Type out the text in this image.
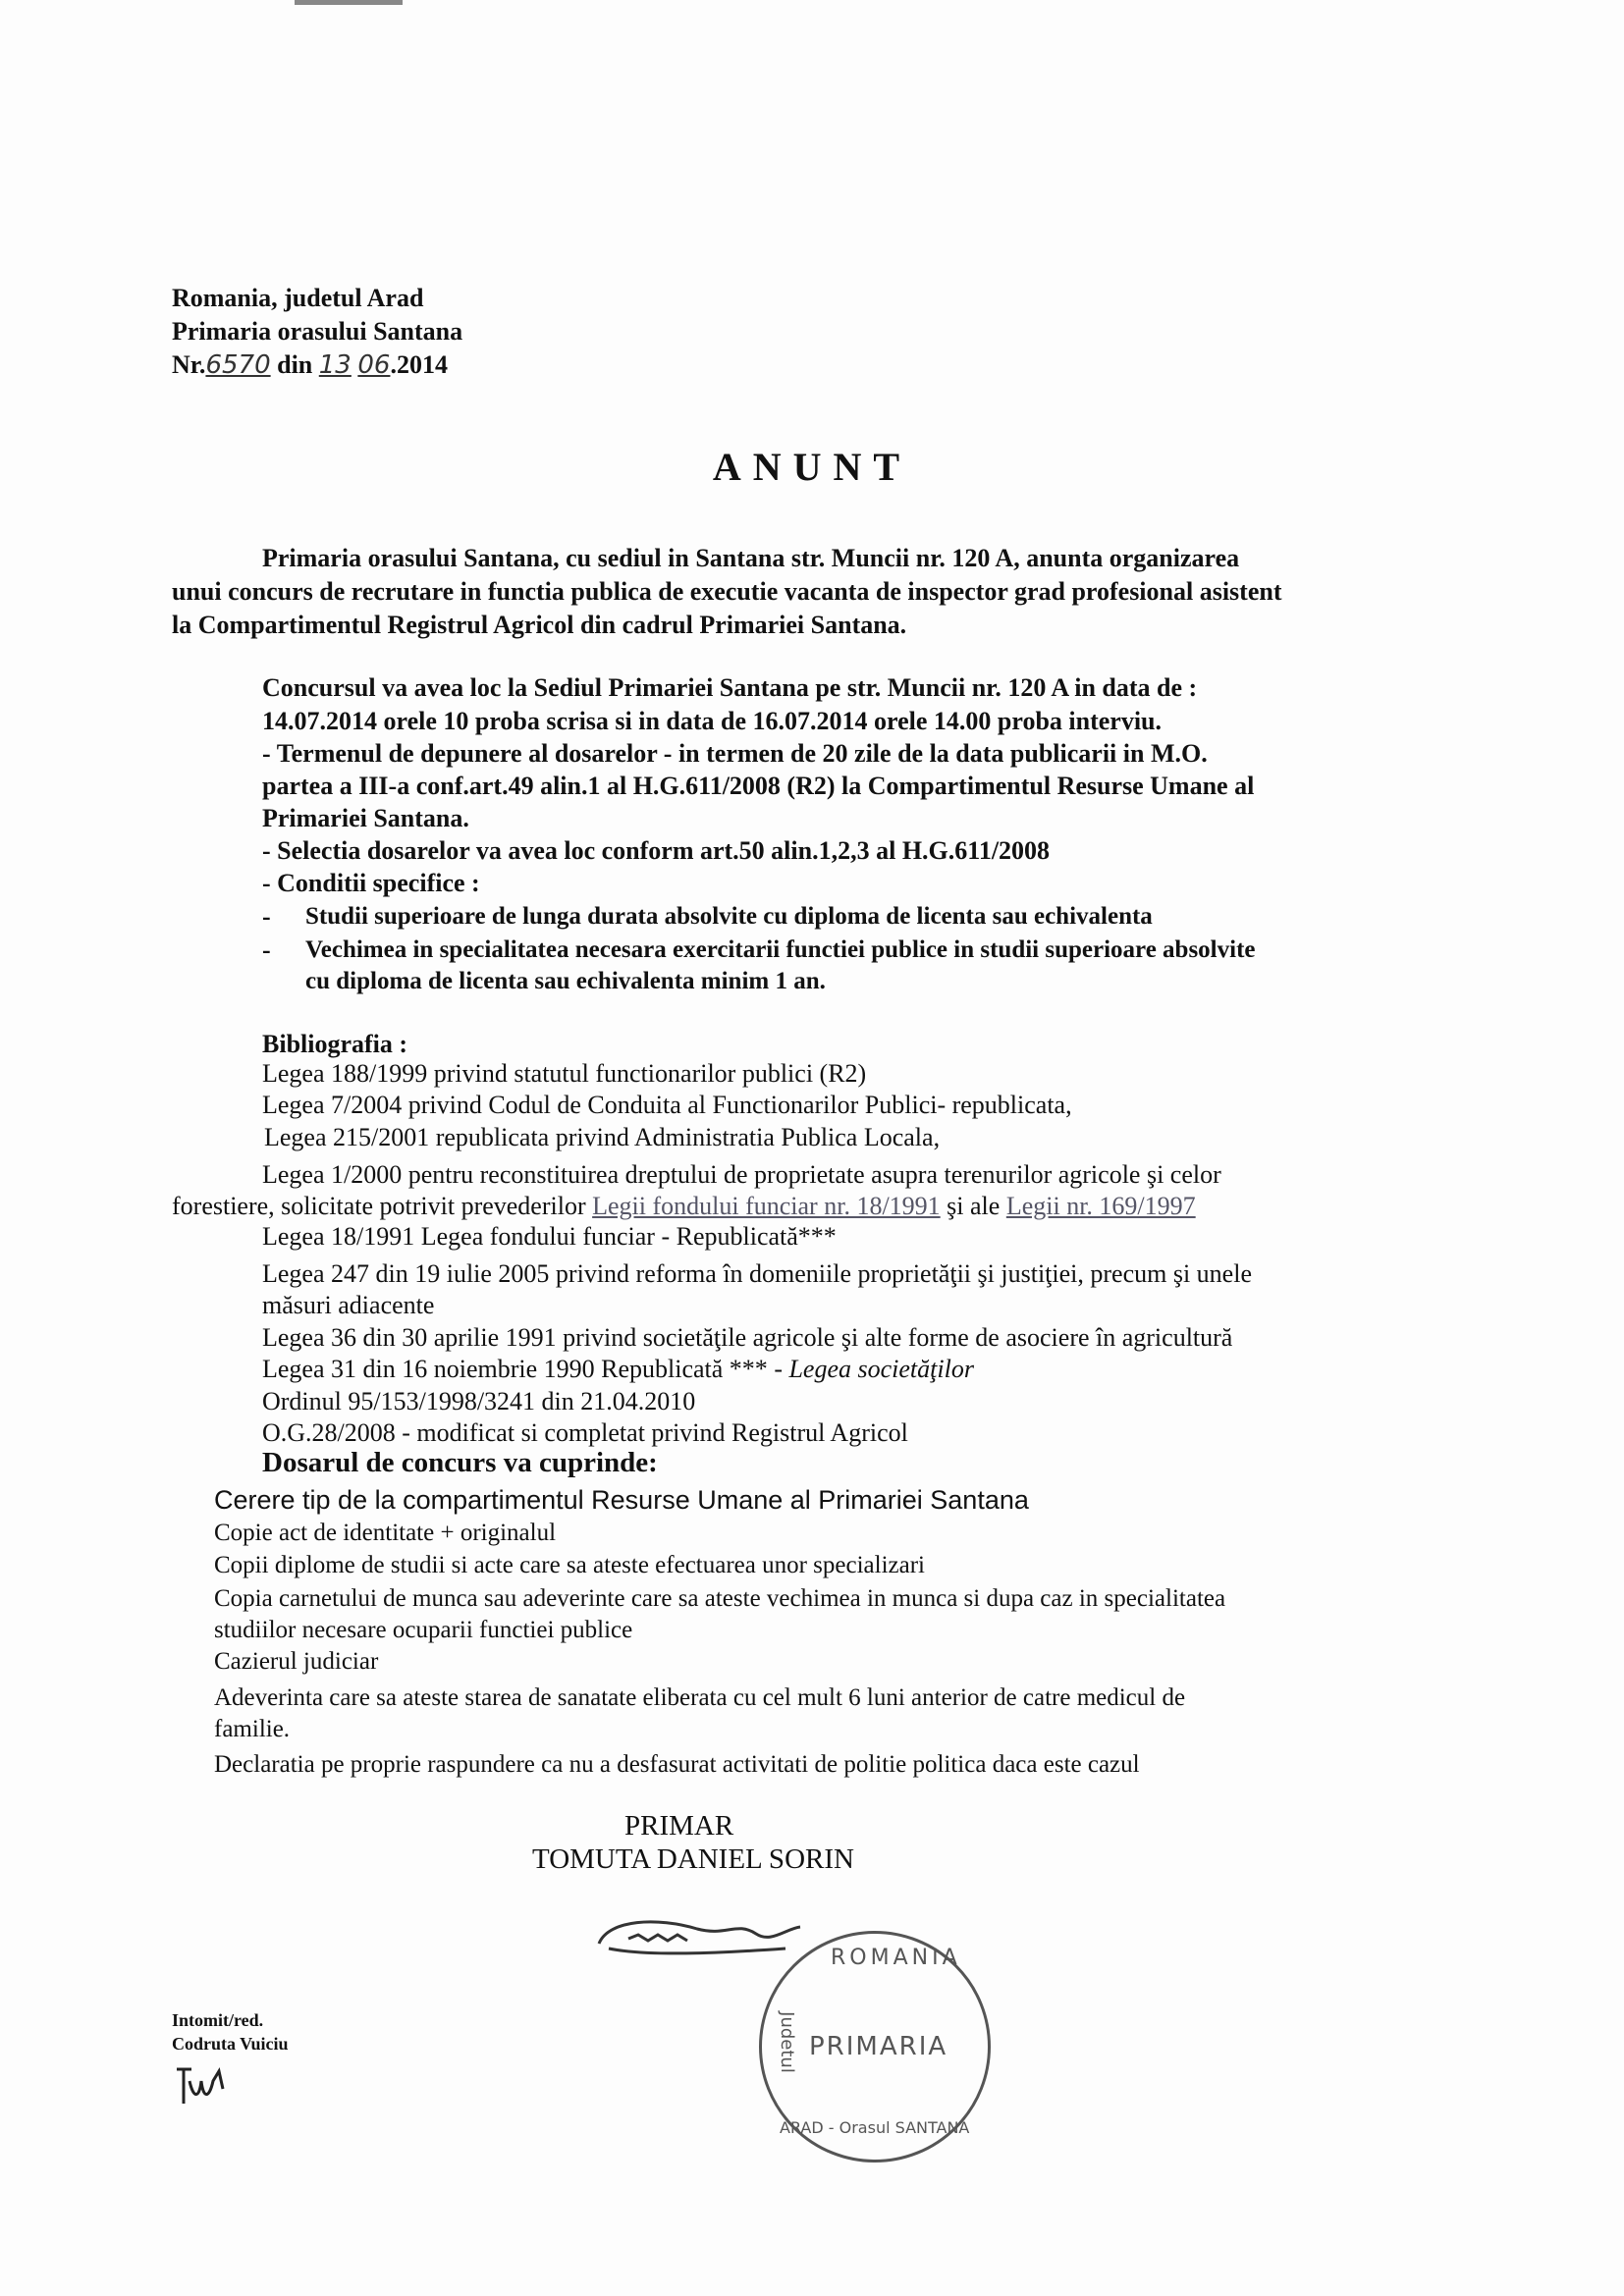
Romania, judetul Arad
Primaria orasului Santana
Nr.6570 din 13 06.2014
ANUNT
Primaria orasului Santana, cu sediul in Santana str. Muncii nr. 120 A, anunta organizarea
unui concurs de recrutare in functia publica de executie vacanta de inspector grad profesional asistent
la Compartimentul Registrul Agricol din cadrul Primariei Santana.
Concursul va avea loc la Sediul Primariei Santana pe str. Muncii nr. 120 A in data de :
14.07.2014 orele 10 proba scrisa si in data de 16.07.2014 orele 14.00 proba interviu.
- Termenul de depunere al dosarelor - in termen de 20 zile de la data publicarii in M.O.
partea a III-a conf.art.49 alin.1 al H.G.611/2008 (R2) la Compartimentul Resurse Umane al
Primariei Santana.
- Selectia dosarelor va avea loc conform art.50 alin.1,2,3 al H.G.611/2008
- Conditii specifice :
- Studii superioare de lunga durata absolvite cu diploma de licenta sau echivalenta
- Vechimea in specialitatea necesara exercitarii functiei publice in studii superioare absolvite
cu diploma de licenta sau echivalenta minim 1 an.
Bibliografia :
Legea 188/1999 privind statutul functionarilor publici (R2)
Legea 7/2004 privind Codul de Conduita al Functionarilor Publici- republicata,
Legea 215/2001 republicata privind Administratia Publica Locala,
Legea 1/2000 pentru reconstituirea dreptului de proprietate asupra terenurilor agricole şi celor
forestiere, solicitate potrivit prevederilor Legii fondului funciar nr. 18/1991 şi ale Legii nr. 169/1997
Legea 18/1991 Legea fondului funciar - Republicată***
Legea 247 din 19 iulie 2005 privind reforma în domeniile proprietăţii şi justiţiei, precum şi unele
măsuri adiacente
Legea 36 din 30 aprilie 1991 privind societăţile agricole şi alte forme de asociere în agricultură
Legea 31 din 16 noiembrie 1990 Republicată *** - Legea societăţilor
Ordinul 95/153/1998/3241 din 21.04.2010
O.G.28/2008 - modificat si completat privind Registrul Agricol
Dosarul de concurs va cuprinde:
Cerere tip de la compartimentul Resurse Umane al Primariei Santana
Copie act de identitate + originalul
Copii diplome de studii si acte care sa ateste efectuarea unor specializari
Copia carnetului de munca sau adeverinte care sa ateste vechimea in munca si dupa caz in specialitatea
studiilor necesare ocuparii functiei publice
Cazierul judiciar
Adeverinta care sa ateste starea de sanatate eliberata cu cel mult 6 luni anterior de catre medicul de
familie.
Declaratia pe proprie raspundere ca nu a desfasurat activitati de politie politica daca este cazul
PRIMAR
TOMUTA DANIEL SORIN
ROMANIA
PRIMARIA
Judetul
ARAD - Orasul SANTANA
Intomit/red.
Codruta Vuiciu
